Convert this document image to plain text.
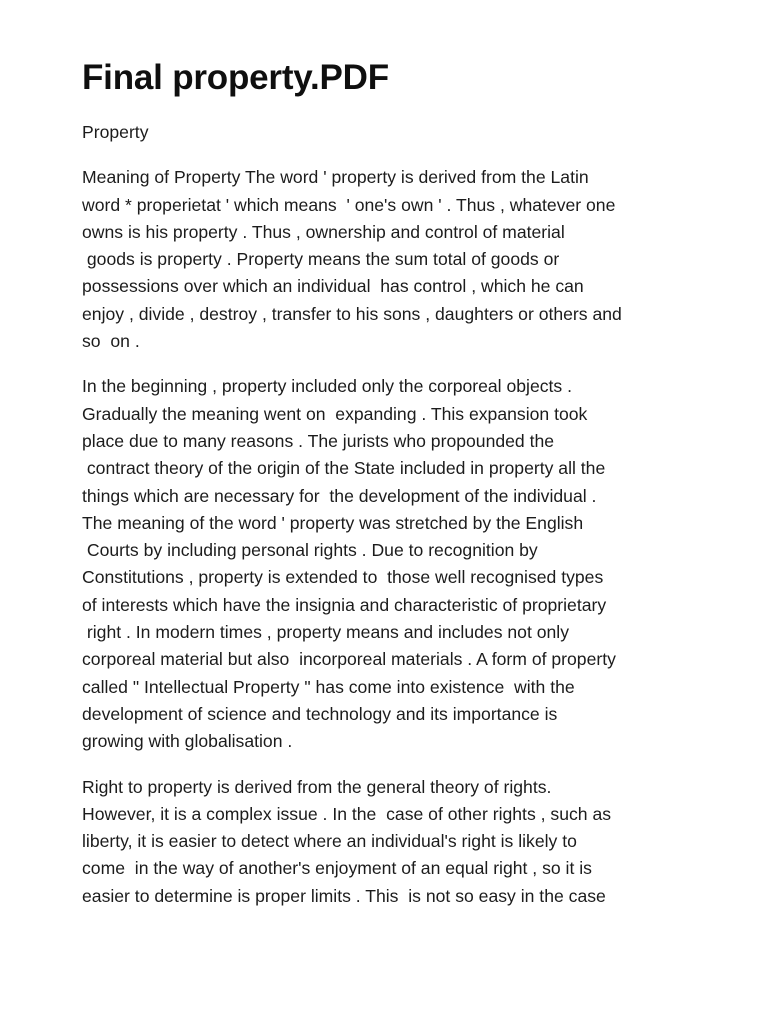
Final property.PDF
Property

Meaning of Property The word ' property is derived from the Latin
word * properietat ' which means  ' one's own ' . Thus , whatever one
owns is his property . Thus , ownership and control of material
goods is property . Property means the sum total of goods or
possessions over which an individual  has control , which he can
enjoy , divide , destroy , transfer to his sons , daughters or others and
so  on .

In the beginning , property included only the corporeal objects .
Gradually the meaning went on  expanding . This expansion took
place due to many reasons . The jurists who propounded the
contract theory of the origin of the State included in property all the
things which are necessary for  the development of the individual .
The meaning of the word ' property was stretched by the English
Courts by including personal rights . Due to recognition by
Constitutions , property is extended to  those well recognised types
of interests which have the insignia and characteristic of proprietary
right . In modern times , property means and includes not only
corporeal material but also  incorporeal materials . A form of property
called " Intellectual Property " has come into existence  with the
development of science and technology and its importance is
growing with globalisation .

Right to property is derived from the general theory of rights.
However, it is a complex issue . In the  case of other rights , such as
liberty, it is easier to detect where an individual's right is likely to
come  in the way of another's enjoyment of an equal right , so it is
easier to determine is proper limits . This  is not so easy in the case
